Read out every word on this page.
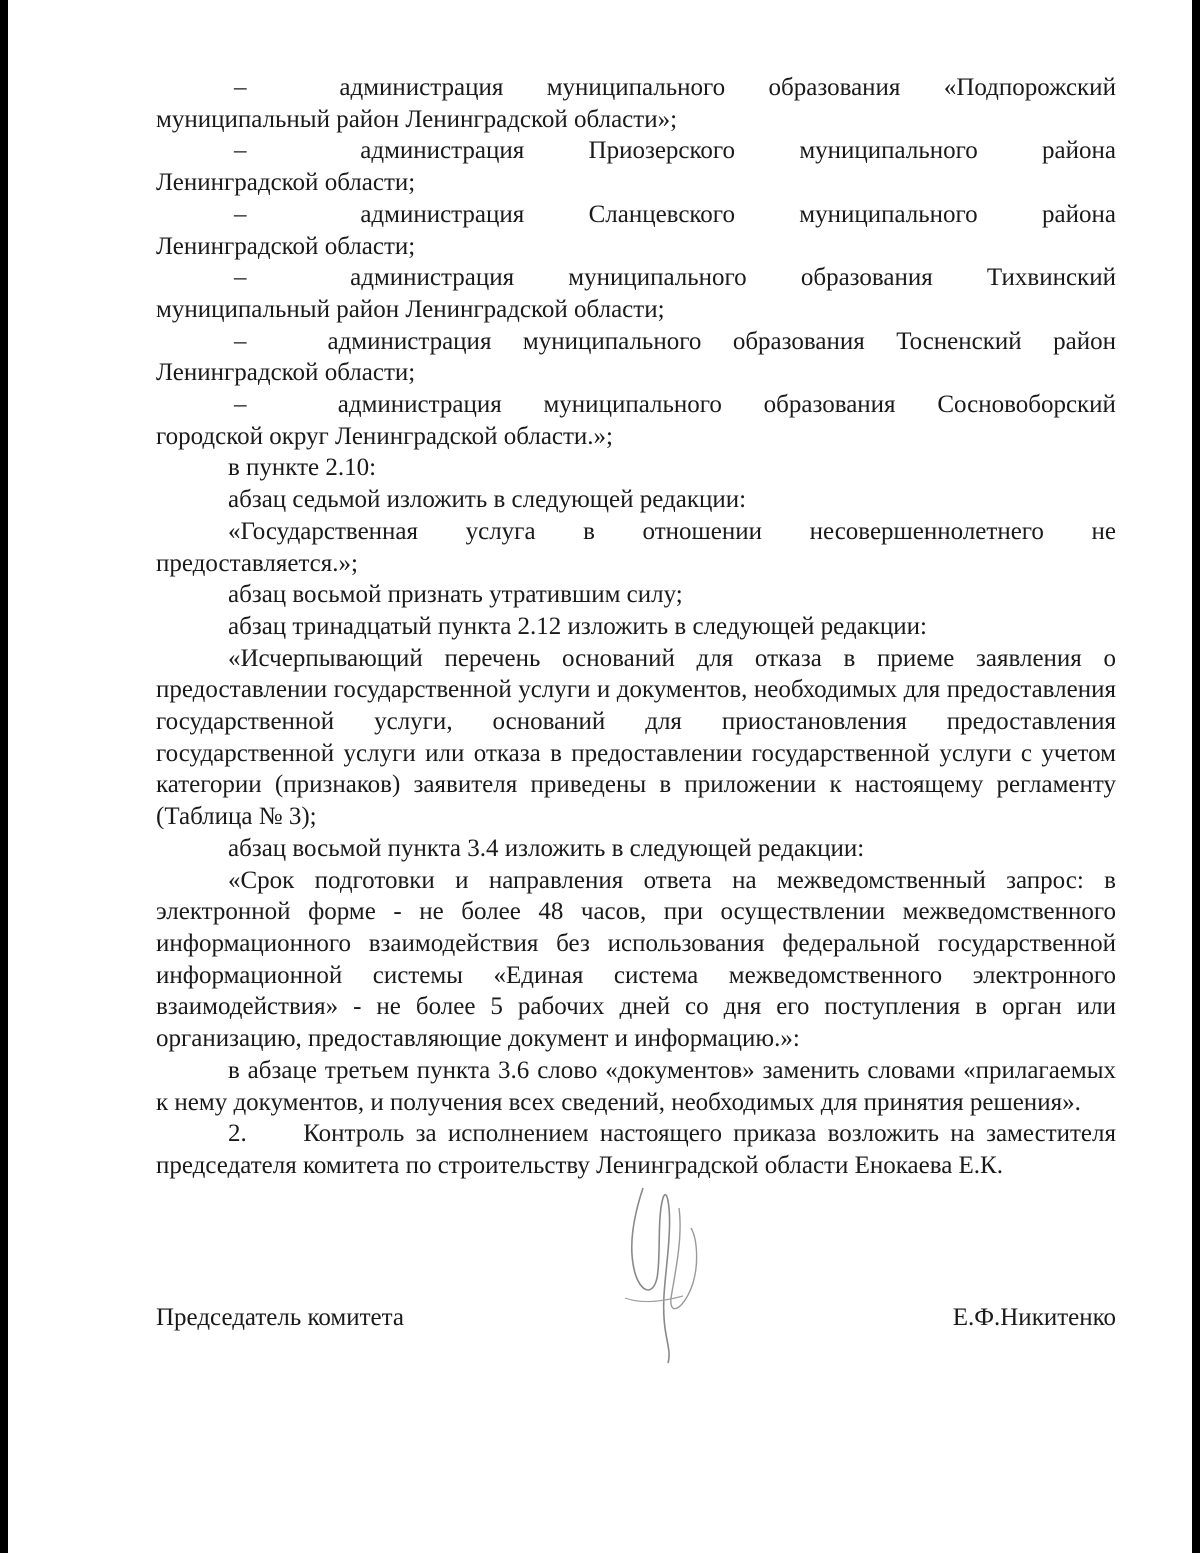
–	администрация муниципального образования «Подпорожский
муниципальный район Ленинградской области»;
–	администрация	Приозерского	муниципального	района
Ленинградской области;
–	администрация	Сланцевского	муниципального	района
Ленинградской области;
–	администрация муниципального образования Тихвинский
муниципальный район Ленинградской области;
–	администрация муниципального образования Тосненский район
Ленинградской области;
–	администрация муниципального образования Сосновоборский
городской округ Ленинградской области.»;

в пункте 2.10:

абзац седьмой изложить в следующей редакции:

«Государственная услуга в отношении несовершеннолетнего не предоставляется.»;

абзац восьмой признать утратившим силу;

абзац тринадцатый пункта 2.12 изложить в следующей редакции:

«Исчерпывающий перечень оснований для отказа в приеме заявления о предоставлении государственной услуги и документов, необходимых для предоставления государственной услуги, оснований для приостановления предоставления государственной услуги или отказа в предоставлении государственной услуги с учетом категории (признаков) заявителя приведены в приложении к настоящему регламенту (Таблица № 3);

абзац восьмой пункта 3.4 изложить в следующей редакции:

«Срок подготовки и направления ответа на межведомственный запрос: в электронной форме - не более 48 часов, при осуществлении межведомственного информационного взаимодействия без использования федеральной государственной информационной системы «Единая система межведомственного электронного взаимодействия» - не более 5 рабочих дней со дня его поступления в орган или организацию, предоставляющие документ и информацию.»:

в абзаце третьем пункта 3.6 слово «документов» заменить словами «прилагаемых к нему документов, и получения всех сведений, необходимых для принятия решения».

2.     Контроль за исполнением настоящего приказа возложить на заместителя председателя комитета по строительству Ленинградской области Енокаева Е.К.

Председатель комитета	Е.Ф.Никитенко
